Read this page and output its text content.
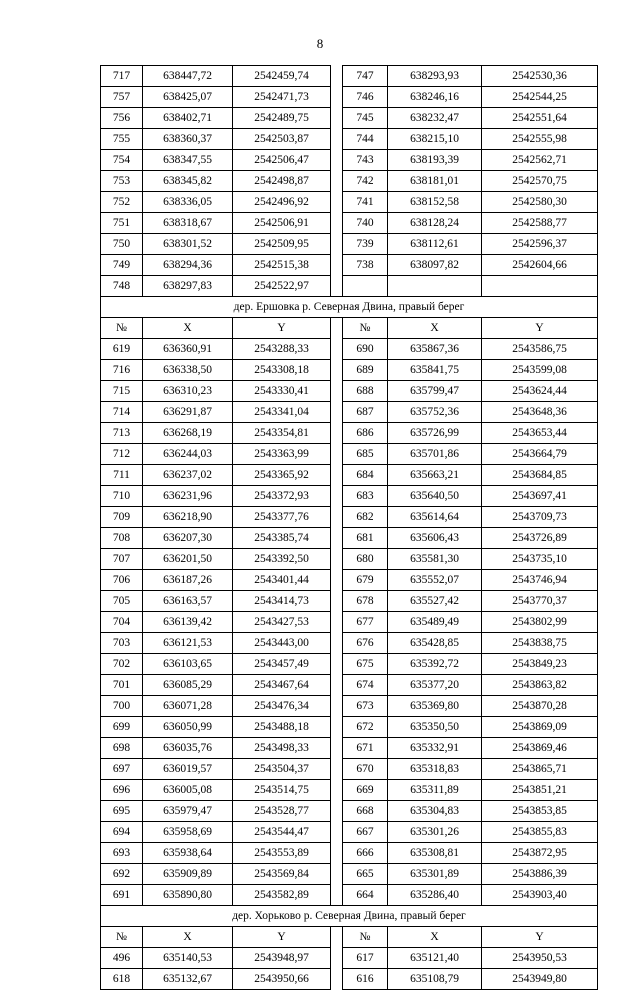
8
717	638447,72	2542459,74		747	638293,93	2542530,36
757	638425,07	2542471,73		746	638246,16	2542544,25
756	638402,71	2542489,75		745	638232,47	2542551,64
755	638360,37	2542503,87		744	638215,10	2542555,98
754	638347,55	2542506,47		743	638193,39	2542562,71
753	638345,82	2542498,87		742	638181,01	2542570,75
752	638336,05	2542496,92		741	638152,58	2542580,30
751	638318,67	2542506,91		740	638128,24	2542588,77
750	638301,52	2542509,95		739	638112,61	2542596,37
749	638294,36	2542515,38		738	638097,82	2542604,66
748	638297,83	2542522,97				
дер. Ершовка р. Северная Двина, правый берег						
№	X	Y		№	X	Y
619	636360,91	2543288,33		690	635867,36	2543586,75
716	636338,50	2543308,18		689	635841,75	2543599,08
715	636310,23	2543330,41		688	635799,47	2543624,44
714	636291,87	2543341,04		687	635752,36	2543648,36
713	636268,19	2543354,81		686	635726,99	2543653,44
712	636244,03	2543363,99		685	635701,86	2543664,79
711	636237,02	2543365,92		684	635663,21	2543684,85
710	636231,96	2543372,93		683	635640,50	2543697,41
709	636218,90	2543377,76		682	635614,64	2543709,73
708	636207,30	2543385,74		681	635606,43	2543726,89
707	636201,50	2543392,50		680	635581,30	2543735,10
706	636187,26	2543401,44		679	635552,07	2543746,94
705	636163,57	2543414,73		678	635527,42	2543770,37
704	636139,42	2543427,53		677	635489,49	2543802,99
703	636121,53	2543443,00		676	635428,85	2543838,75
702	636103,65	2543457,49		675	635392,72	2543849,23
701	636085,29	2543467,64		674	635377,20	2543863,82
700	636071,28	2543476,34		673	635369,80	2543870,28
699	636050,99	2543488,18		672	635350,50	2543869,09
698	636035,76	2543498,33		671	635332,91	2543869,46
697	636019,57	2543504,37		670	635318,83	2543865,71
696	636005,08	2543514,75		669	635311,89	2543851,21
695	635979,47	2543528,77		668	635304,83	2543853,85
694	635958,69	2543544,47		667	635301,26	2543855,83
693	635938,64	2543553,89		666	635308,81	2543872,95
692	635909,89	2543569,84		665	635301,89	2543886,39
691	635890,80	2543582,89		664	635286,40	2543903,40
дер. Хорьково р. Северная Двина, правый берег						
№	X	Y		№	X	Y
496	635140,53	2543948,97		617	635121,40	2543950,53
618	635132,67	2543950,66		616	635108,79	2543949,80
